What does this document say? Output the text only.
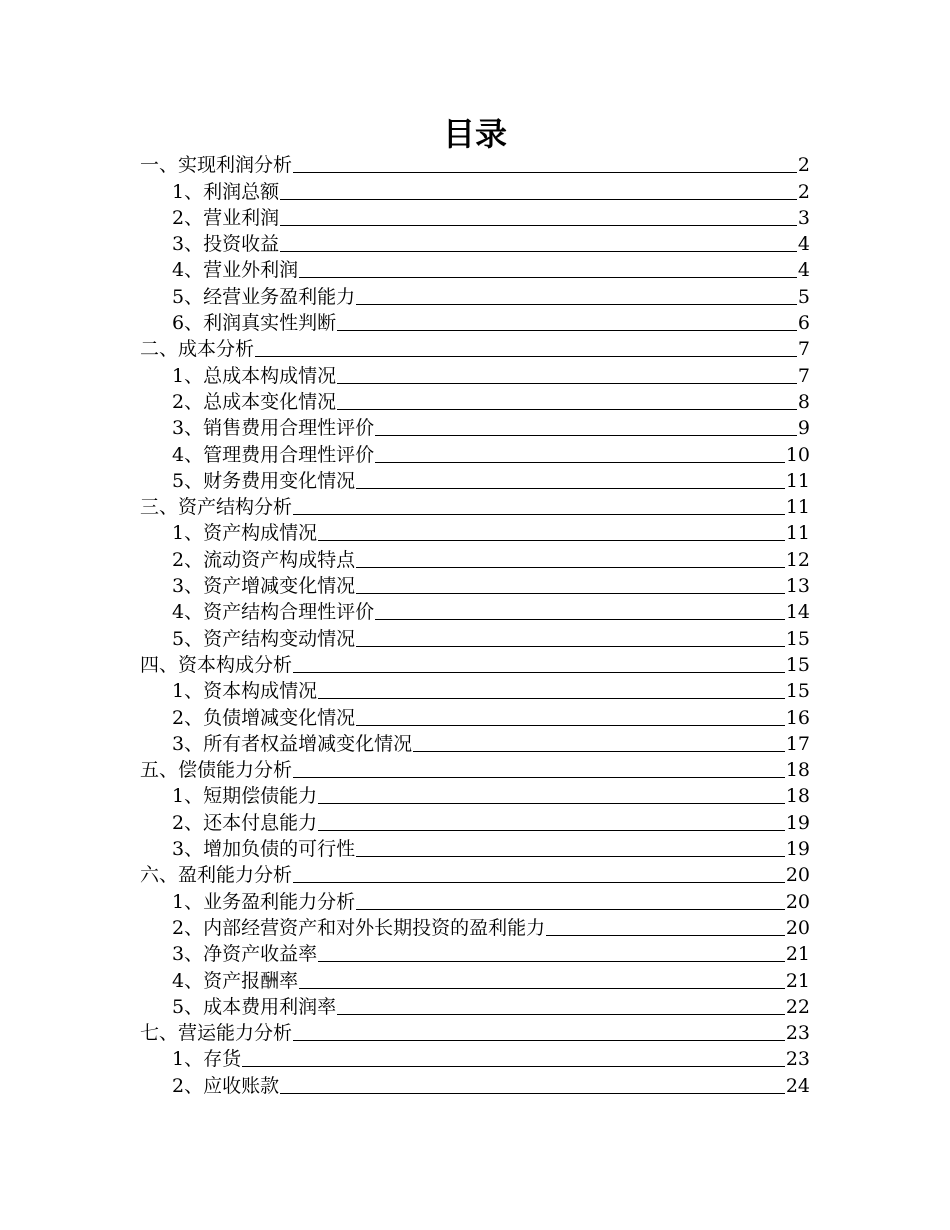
目录
一、实现利润分析	2
1、利润总额	2
2、营业利润	3
3、投资收益	4
4、营业外利润	4
5、经营业务盈利能力	5
6、利润真实性判断	6
二、成本分析	7
1、总成本构成情况	7
2、总成本变化情况	8
3、销售费用合理性评价	9
4、管理费用合理性评价	10
5、财务费用变化情况	11
三、资产结构分析	11
1、资产构成情况	11
2、流动资产构成特点	12
3、资产增减变化情况	13
4、资产结构合理性评价	14
5、资产结构变动情况	15
四、资本构成分析	15
1、资本构成情况	15
2、负债增减变化情况	16
3、所有者权益增减变化情况	17
五、偿债能力分析	18
1、短期偿债能力	18
2、还本付息能力	19
3、增加负债的可行性	19
六、盈利能力分析	20
1、业务盈利能力分析	20
2、内部经营资产和对外长期投资的盈利能力	20
3、净资产收益率	21
4、资产报酬率	21
5、成本费用利润率	22
七、营运能力分析	23
1、存货	23
2、应收账款	24
